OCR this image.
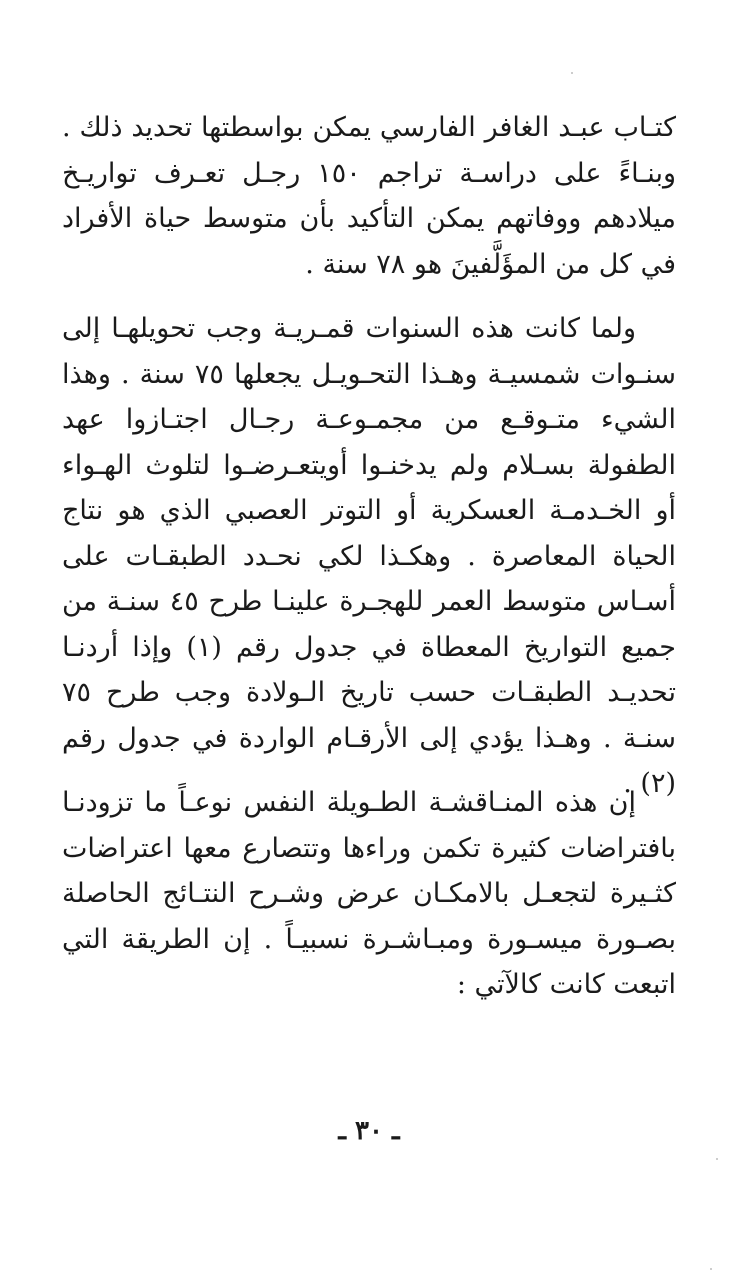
كتـاب عبـد الغافر الفارسي يمكن بواسطتها تحديد ذلك . وبنـاءً على دراسـة تراجم ١٥٠ رجـل تعـرف تواريـخ ميلادهم ووفاتهم يمكن التأكيد بأن متوسط حياة الأفراد في كل من المؤَلَّفينَ هو ٧٨ سنة .

ولما كانت هذه السنوات قمـريـة وجب تحويلهـا إلى سنـوات شمسيـة وهـذا التحـويـل يجعلها ٧٥ سنة . وهذا الشيء متـوقـع من مجمـوعـة رجـال اجتـازوا عهد الطفولة بسـلام ولم يدخنـوا أويتعـرضـوا لتلوث الهـواء أو الخـدمـة العسكرية أو التوتر العصبي الذي هو نتاج الحياة المعاصرة . وهكـذا لكي نحـدد الطبقـات على أسـاس متوسط العمر للهجـرة علينـا طرح ٤٥ سنـة من جميع التواريخ المعطاة في جدول رقم (١) وإذا أردنـا تحديـد الطبقـات حسب تاريخ الـولادة وجب طرح ٧٥ سنـة . وهـذا يؤدي إلى الأرقـام الواردة في جدول رقم (٢) .

إن هذه المنـاقشـة الطـويلة النفس نوعـاً ما تزودنـا بافتراضات كثيرة تكمن وراءها وتتصارع معها اعتراضات كثـيرة لتجعـل بالامكـان عرض وشـرح النتـائج الحاصلة بصـورة ميسـورة ومبـاشـرة نسبيـاً . إن الطريقة التي اتبعت كانت كالآتي :

ـ ٣٠ ـ
